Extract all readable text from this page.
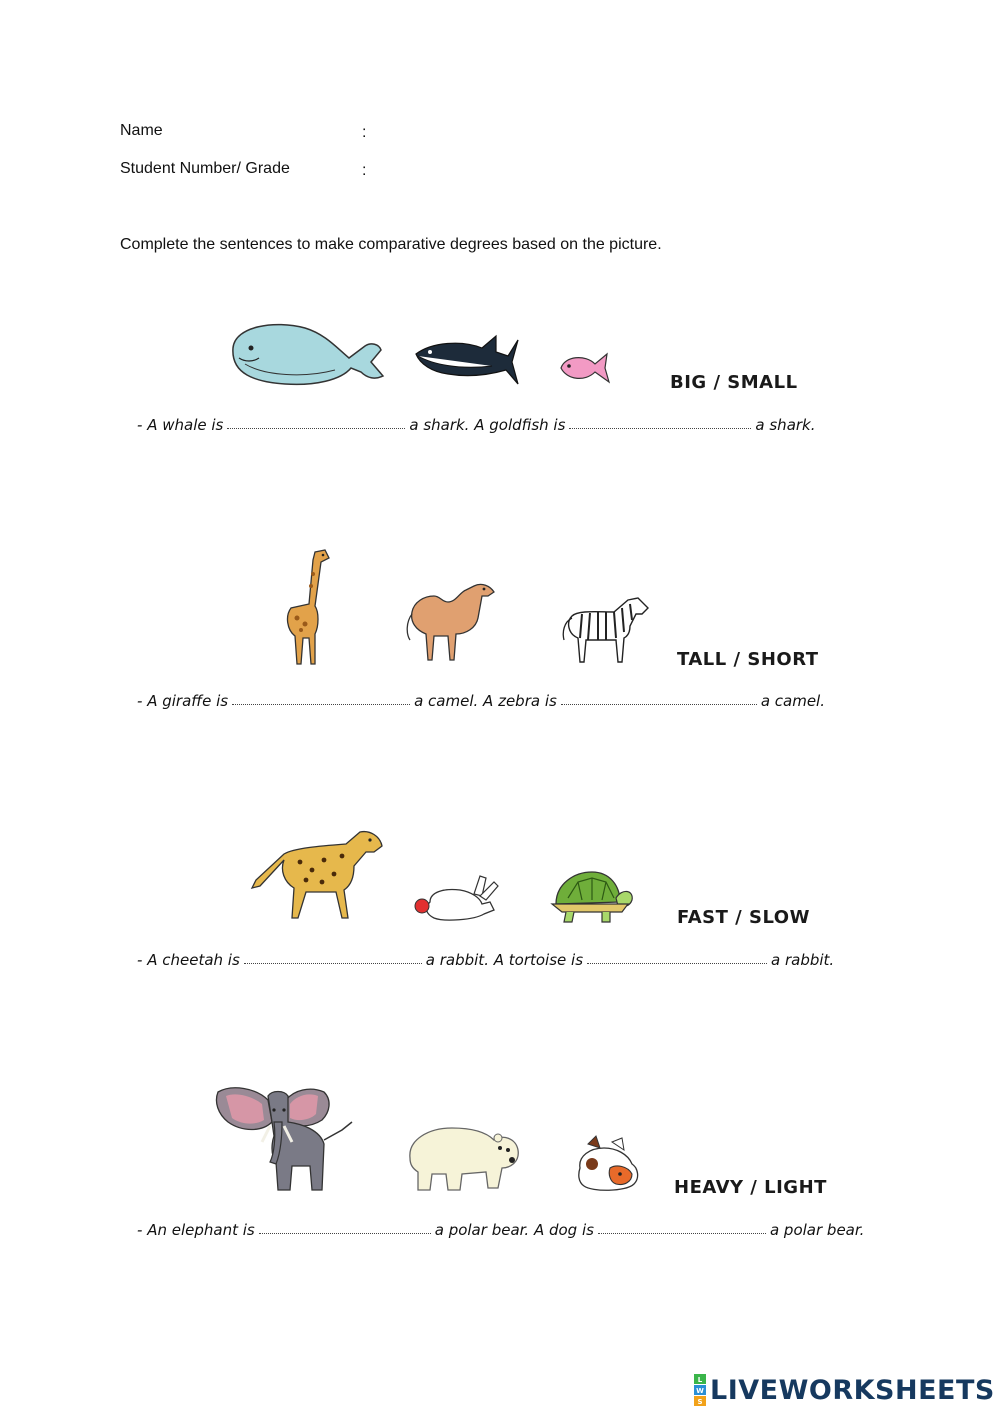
Name	:
Student Number/ Grade	:
Complete the sentences to make comparative degrees based on the picture.
BIG / SMALL
-
A whale is	a shark. A goldfish is	a shark.
TALL / SHORT
-
A giraffe is	a camel. A zebra is	a camel.
FAST / SLOW
-
A cheetah is	a rabbit. A tortoise is	a rabbit.
HEAVY / LIGHT
-
An elephant is	a polar bear. A dog is	a polar bear.
L
W
S LIVEWORKSHEETS
